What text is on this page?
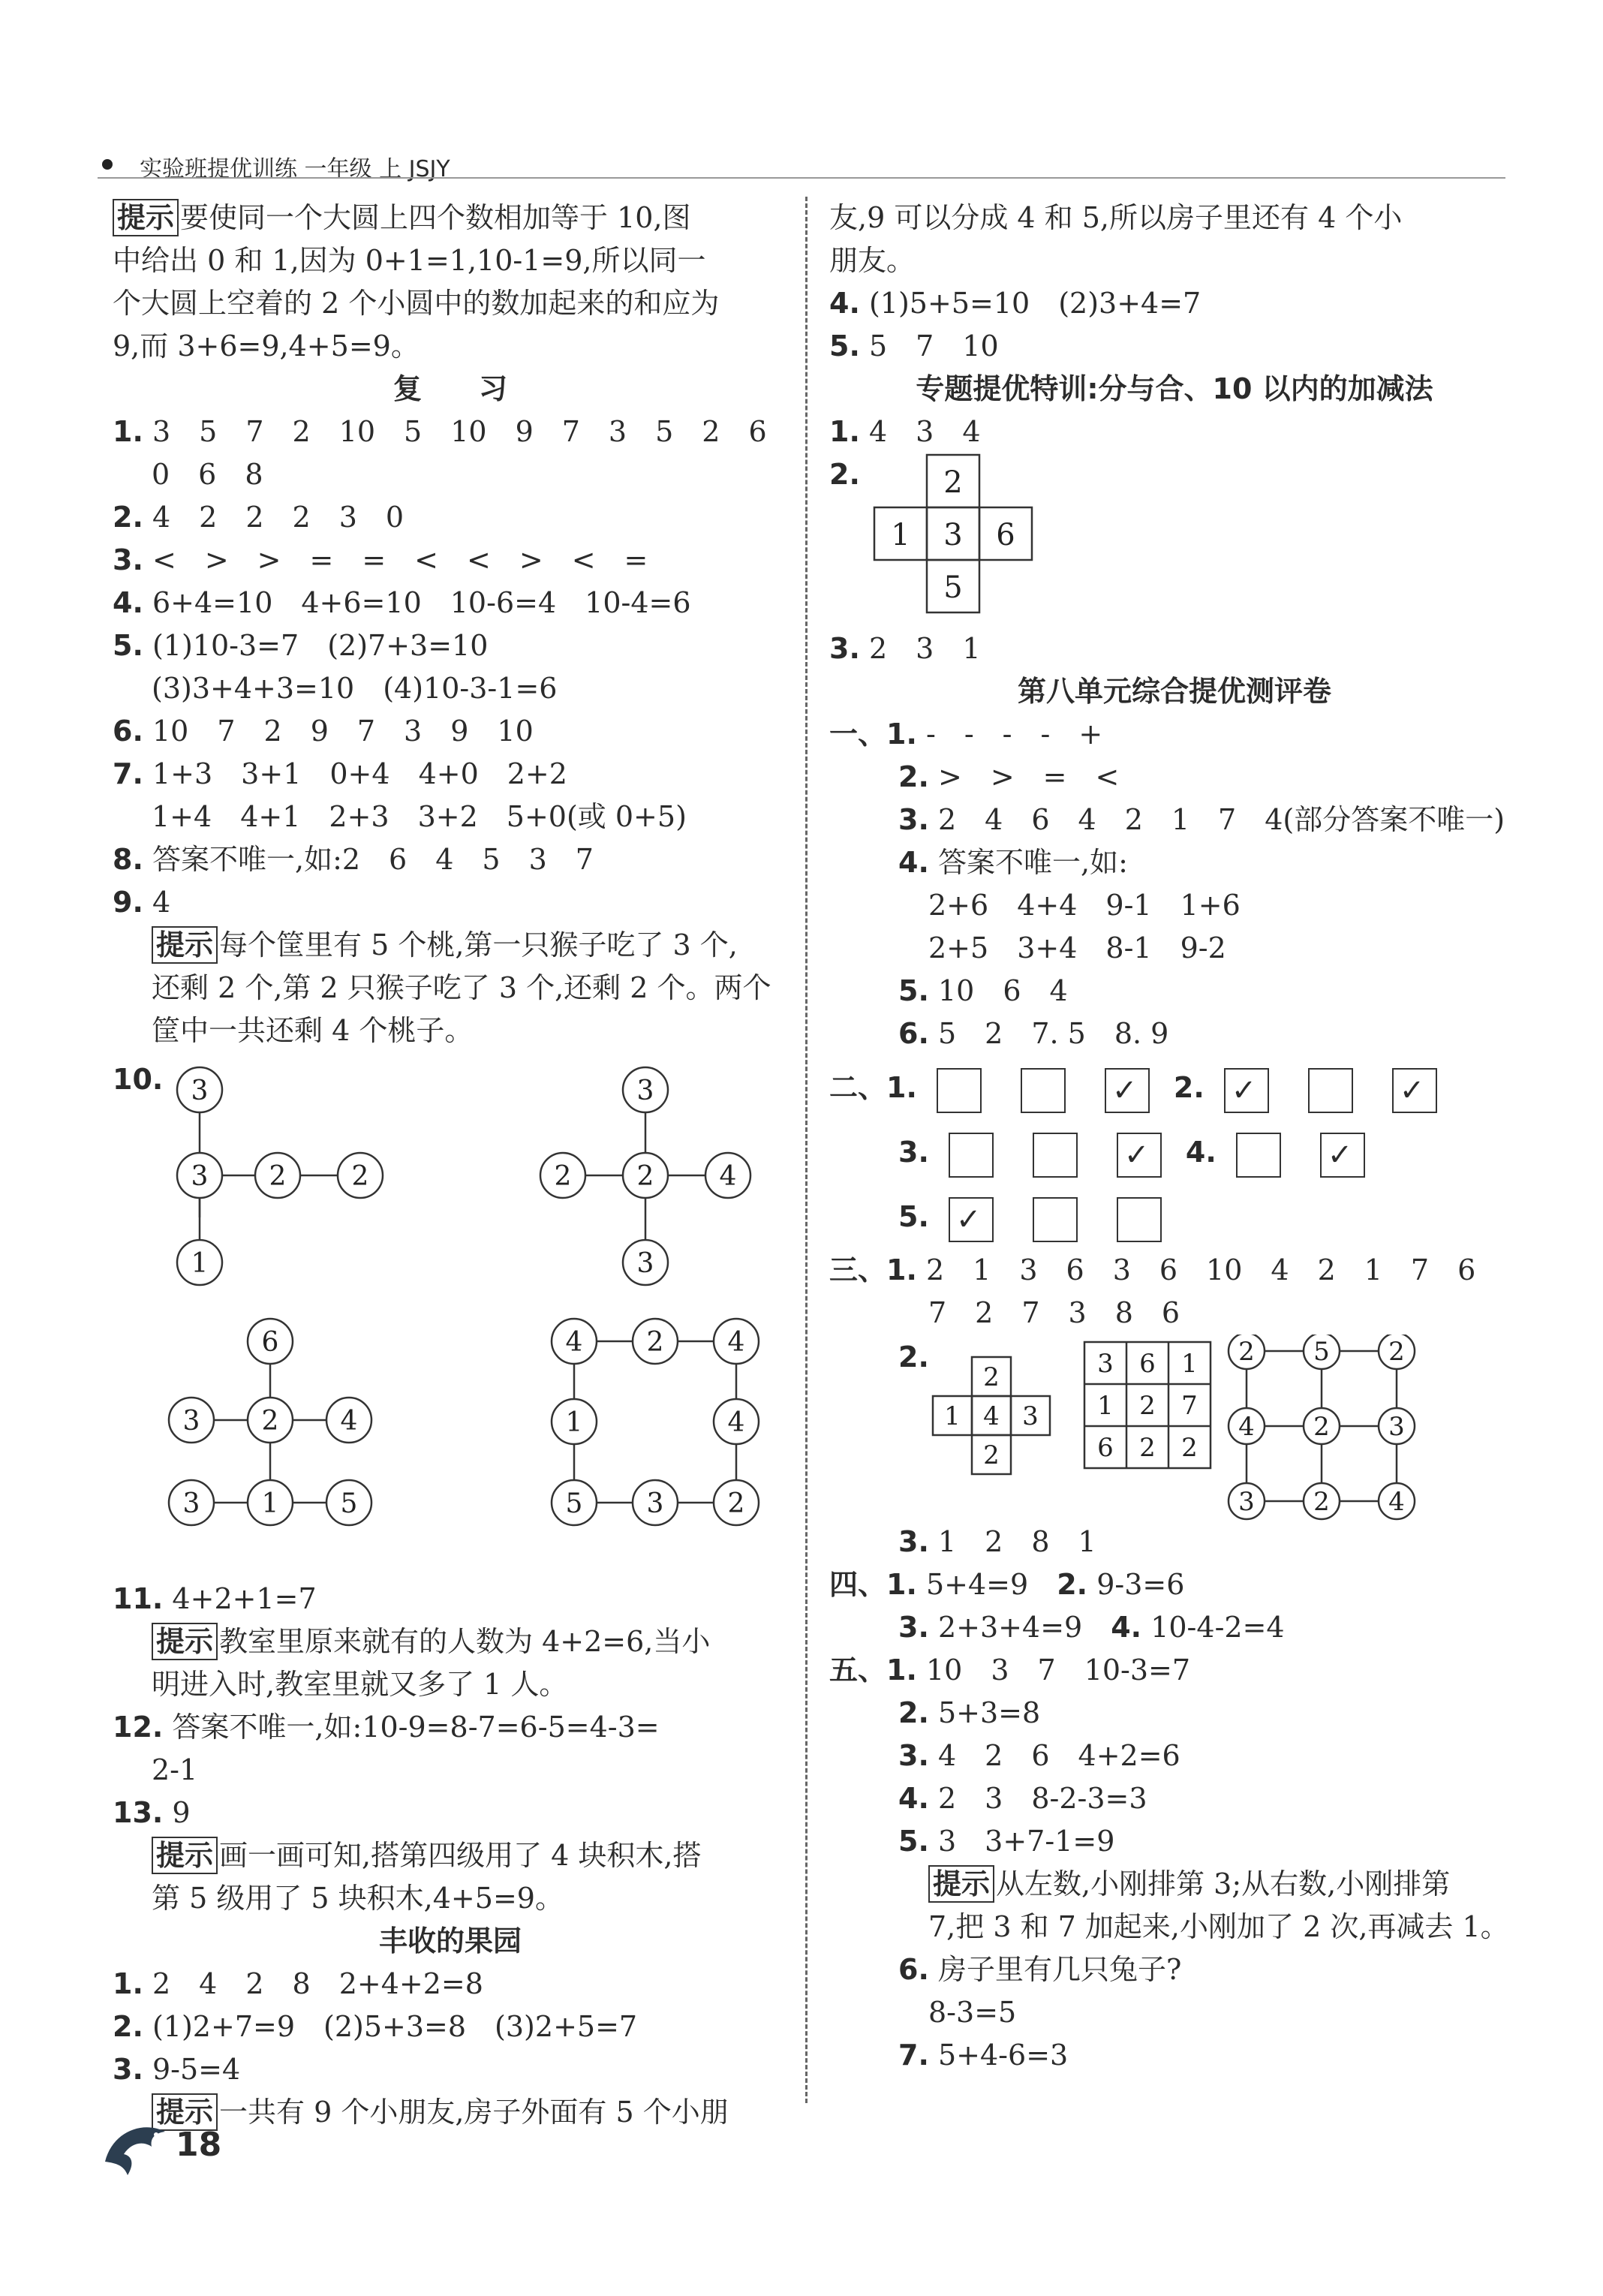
实验班提优训练 一年级 上 JSJY
提示 要使同一个大圆上四个数相加等于 10,图
中给出 0 和 1,因为 0+1=1,10-1=9,所以同一
个大圆上空着的 2 个小圆中的数加起来的和应为
9,而 3+6=9,4+5=9。
复　　习
1. 3　5　7　2　10　5　10　9　7　3　5　2　6
0　6　8
2. 4　2　2　2　3　0
3. <　>　>　=　=　<　<　>　<　=
4. 6+4=10　4+6=10　10-6=4　10-4=6
5. (1)10-3=7　(2)7+3=10
(3)3+4+3=10　(4)10-3-1=6
6. 10　7　2　9　7　3　9　10
7. 1+3　3+1　0+4　4+0　2+2
1+4　4+1　2+3　3+2　5+0(或 0+5)
8. 答案不唯一,如:2　6　4　5　3　7
9. 4
提示 每个筐里有 5 个桃,第一只猴子吃了 3 个,
还剩 2 个,第 2 只猴子吃了 3 个,还剩 2 个。两个
筐中一共还剩 4 个桃子。
10. 3
3 2 2
1
3
2 2 4
3
6
3 2 4
3 1 5
4 2 4
1	4
5 3 2
11. 4+2+1=7
提示 教室里原来就有的人数为 4+2=6,当小
明进入时,教室里就又多了 1 人。
12. 答案不唯一,如:10-9=8-7=6-5=4-3=
2-1
13. 9
提示 画一画可知,搭第四级用了 4 块积木,搭
第 5 级用了 5 块积木,4+5=9。
丰收的果园
1. 2　4　2　8　2+4+2=8
2. (1)2+7=9　(2)5+3=8　(3)2+5=7
3. 9-5=4
提示 一共有 9 个小朋友,房子外面有 5 个小朋
友,9 可以分成 4 和 5,所以房子里还有 4 个小
朋友。
4. (1)5+5=10　(2)3+4=7
5. 5　7　10
专题提优特训:分与合、10 以内的加减法
1. 4　3　4
2.	2
1 3 6
5
3. 2　3　1
第八单元综合提优测评卷
一、1. -　-　-　-　+
2. >　>　=　<
3. 2　4　6　4　2　1　7　4(部分答案不唯一)
4. 答案不唯一,如:
2+6　4+4　9-1　1+6
2+5　3+4　8-1　9-2
5. 10　6　4
6. 5　2　7. 5　8. 9
二、1.	✓ 2. ✓	✓
3.	✓ 4.	✓
5. ✓
三、1. 2　1　3　6　3　6　10　4　2　1　7　6
7　2　7　3　8　6
2.
2
1 4 3
2
3 6 1
1 2 7
6 2 2
2 5 2
4 2 3
3 2 4
3. 1　2　8　1
四、1. 5+4=9　2. 9-3=6
3. 2+3+4=9　4. 10-4-2=4
五、1. 10　3　7　10-3=7
2. 5+3=8
3. 4　2　6　4+2=6
4. 2　3　8-2-3=3
5. 3　3+7-1=9
提示 从左数,小刚排第 3;从右数,小刚排第
7,把 3 和 7 加起来,小刚加了 2 次,再减去 1。
6. 房子里有几只兔子?
8-3=5
7. 5+4-6=3
18
